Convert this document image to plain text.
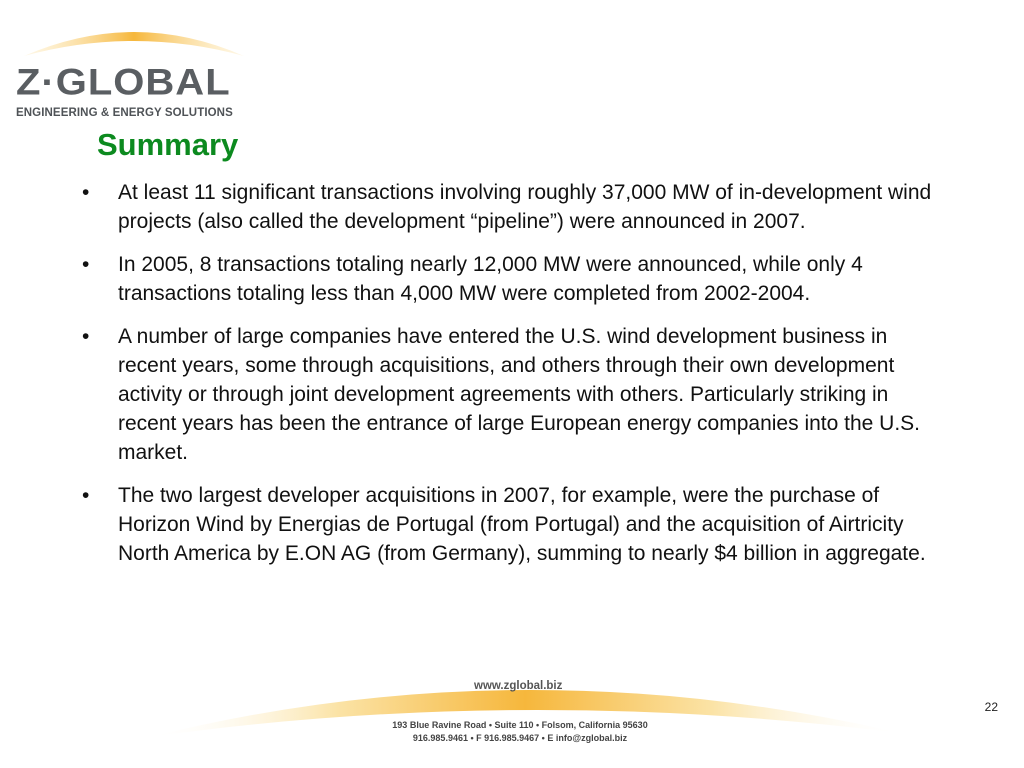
Z·GLOBAL
ENGINEERING & ENERGY SOLUTIONS
Summary
• At least 11 significant transactions involving roughly 37,000 MW of in-development wind projects (also called the development “pipeline”) were announced in 2007.
• In 2005, 8 transactions totaling nearly 12,000 MW were announced, while only 4 transactions totaling less than 4,000 MW were completed from 2002-2004.
• A number of large companies have entered the U.S. wind development business in recent years, some through acquisitions, and others through their own development activity or through joint development agreements with others. Particularly striking in recent years has been the entrance of large European energy companies into the U.S. market.
• The two largest developer acquisitions in 2007, for example, were the purchase of Horizon Wind by Energias de Portugal (from Portugal) and the acquisition of Airtricity North America by E.ON AG (from Germany), summing to nearly $4 billion in aggregate.
www.zglobal.biz
193 Blue Ravine Road • Suite 110 • Folsom, California 95630
916.985.9461 • F 916.985.9467 • E info@zglobal.biz
22
